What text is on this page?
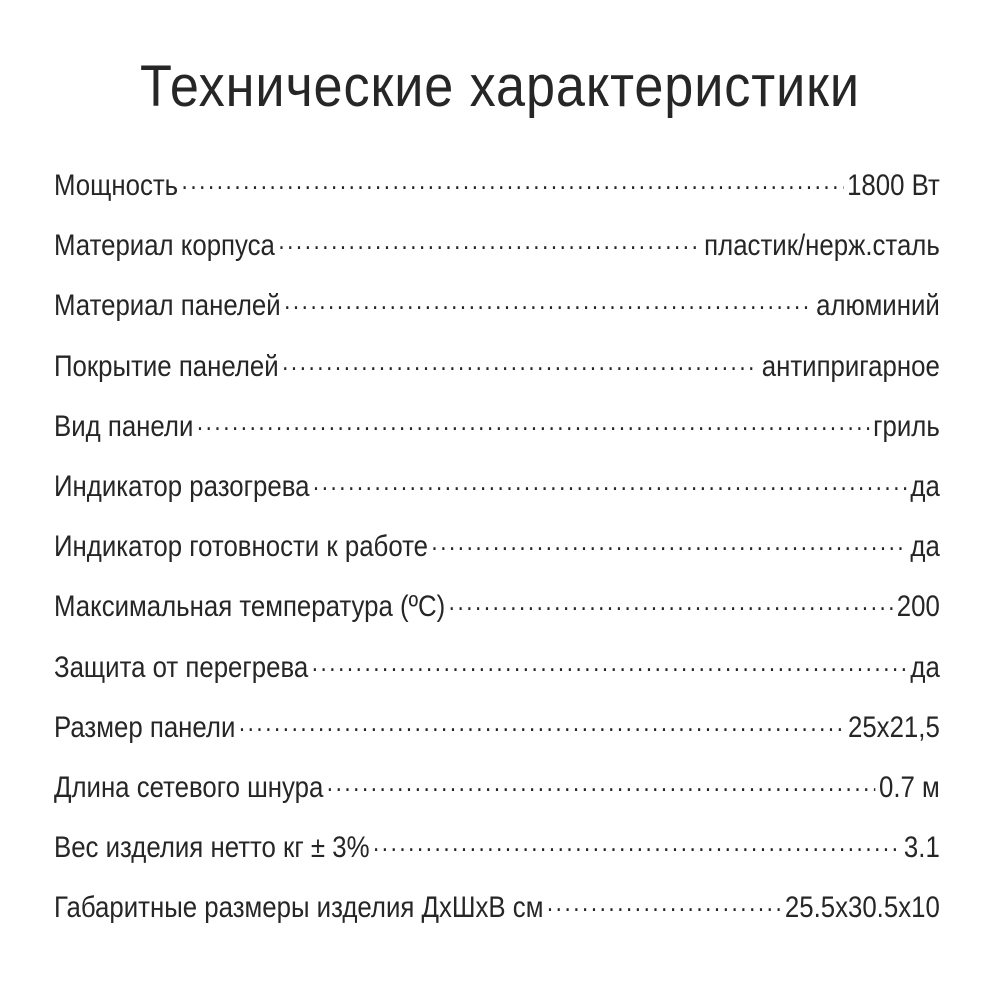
Технические характеристики
Мощность .....	1800 Вт
Материал корпуса .....	пластик/нерж.сталь
Материал панелей .....	алюминий
Покрытие панелей .....	антипригарное
Вид панели .....	гриль
Индикатор разогрева .....	да
Индикатор готовности к работе .....	да
Максимальная температура (ºC) .....	200
Защита от перегрева .....	да
Размер панели .....	25х21,5
Длина сетевого шнура .....	0.7 м
Вес изделия нетто кг ± 3% .....	3.1
Габаритные размеры изделия ДхШхВ см .....	25.5х30.5х10
